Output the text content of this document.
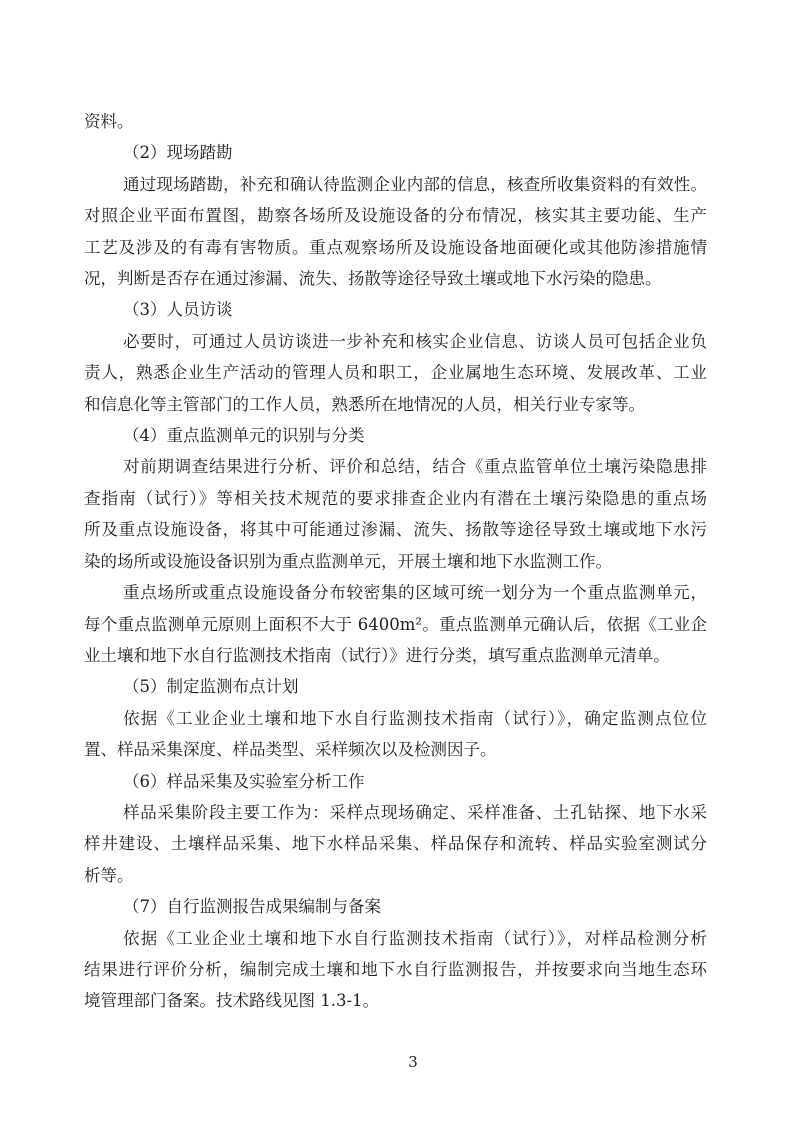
资料。
（2）现场踏勘
通过现场踏勘，补充和确认待监测企业内部的信息，核查所收集资料的有效性。
对照企业平面布置图，勘察各场所及设施设备的分布情况，核实其主要功能、生产
工艺及涉及的有毒有害物质。重点观察场所及设施设备地面硬化或其他防渗措施情
况，判断是否存在通过渗漏、流失、扬散等途径导致土壤或地下水污染的隐患。
（3）人员访谈
必要时，可通过人员访谈进一步补充和核实企业信息、访谈人员可包括企业负
责人，熟悉企业生产活动的管理人员和职工，企业属地生态环境、发展改革、工业
和信息化等主管部门的工作人员，熟悉所在地情况的人员，相关行业专家等。
（4）重点监测单元的识别与分类
对前期调查结果进行分析、评价和总结，结合《重点监管单位土壤污染隐患排
查指南（试行）》等相关技术规范的要求排查企业内有潜在土壤污染隐患的重点场
所及重点设施设备，将其中可能通过渗漏、流失、扬散等途径导致土壤或地下水污
染的场所或设施设备识别为重点监测单元，开展土壤和地下水监测工作。
重点场所或重点设施设备分布较密集的区域可统一划分为一个重点监测单元，
每个重点监测单元原则上面积不大于 6400m²。重点监测单元确认后，依据《工业企
业土壤和地下水自行监测技术指南（试行）》进行分类，填写重点监测单元清单。
（5）制定监测布点计划
依据《工业企业土壤和地下水自行监测技术指南（试行）》，确定监测点位位
置、样品采集深度、样品类型、采样频次以及检测因子。
（6）样品采集及实验室分析工作
样品采集阶段主要工作为：采样点现场确定、采样准备、土孔钻探、地下水采
样井建设、土壤样品采集、地下水样品采集、样品保存和流转、样品实验室测试分
析等。
（7）自行监测报告成果编制与备案
依据《工业企业土壤和地下水自行监测技术指南（试行）》，对样品检测分析
结果进行评价分析，编制完成土壤和地下水自行监测报告，并按要求向当地生态环
境管理部门备案。技术路线见图 1.3-1。
3
